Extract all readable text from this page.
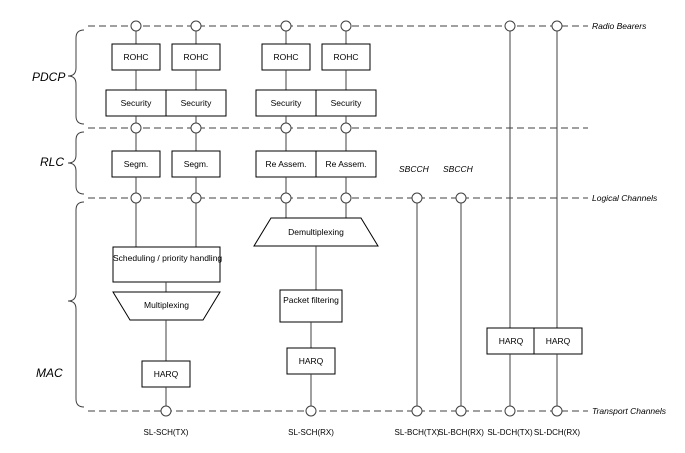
PDCP
RLC
MAC
Radio Bearers
Logical Channels
Transport Channels
SBCCH SBCCH
ROHC	ROHC	ROHC	ROHC
Security	Security	Security	Security
Segm.	Segm.	Re Assem.	Re Assem.
Scheduling / priority handling
Multiplexing
Demultiplexing
Packet filtering
HARQ
HARQ
HARQ	HARQ
SL-SCH(TX)	SL-SCH(RX)	SL-BCH(TX)
SL-BCH(RX) SL-DCH(TX) SL-DCH(RX)
